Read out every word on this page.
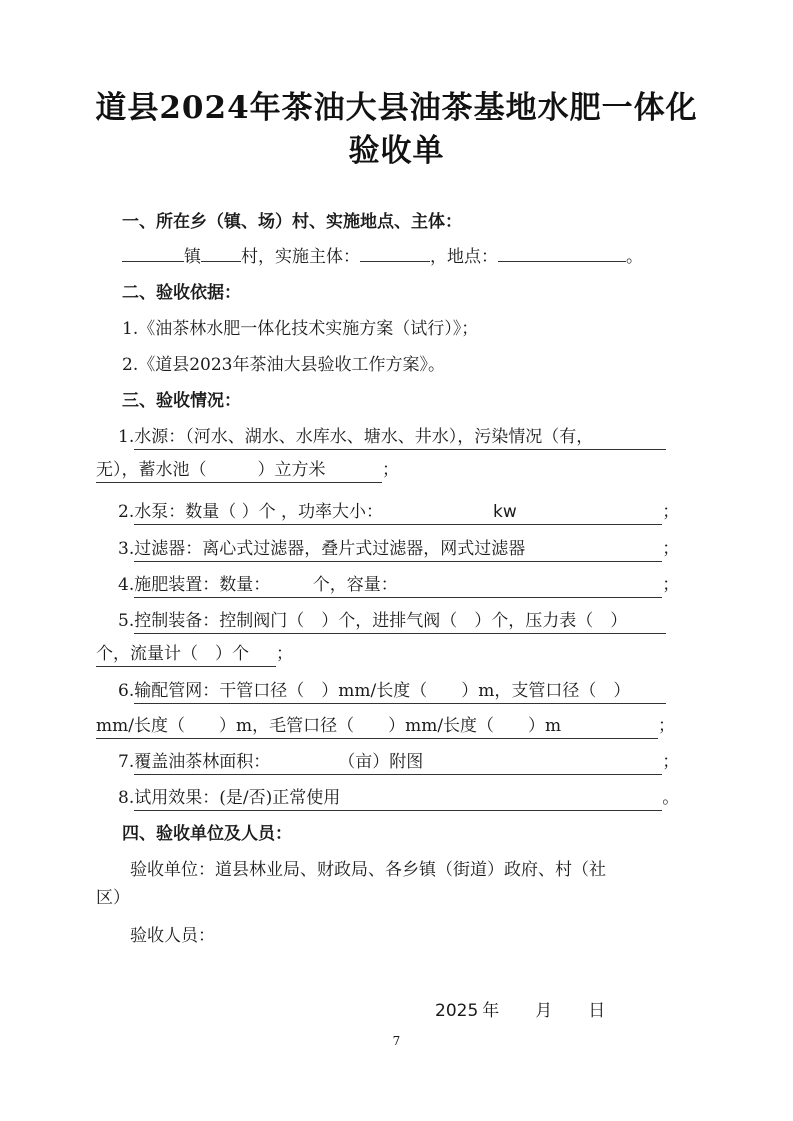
道县2024年茶油大县油茶基地水肥一体化
验收单
一、所在乡（镇、场）村、实施地点、主体：
镇 村，实施主体：	，地点：	。
二、验收依据：
1.《油茶林水肥一体化技术实施方案（试行）》；
2.《道县2023年茶油大县验收工作方案》。
三、验收情况：
1.水源：（河水、湖水、水库水、塘水、井水），污染情况（有，
无），蓄水池（　　　）立方米	；
2.水泵：数量（ ）个 ，功率大小：	kw	；
3.过滤器：离心式过滤器，叠片式过滤器，网式过滤器	；
4.施肥装置：数量：　　　个，容量：	；
5.控制装备：控制阀门（　）个，进排气阀（　）个，压力表（　）
个，流量计（　）个 ；
6.输配管网：干管口径（　）mm/长度（　　）m，支管口径（　）
mm/长度（　　）m，毛管口径（　　）mm/长度（　　）m	；
7.覆盖油茶林面积：　　　　　（亩）附图	；
8.试用效果：(是/否)正常使用	。
四、验收单位及人员：
验收单位：道县林业局、财政局、各乡镇（街道）政府、村（社
区）
验收人员：
2025 年 月 日
7
